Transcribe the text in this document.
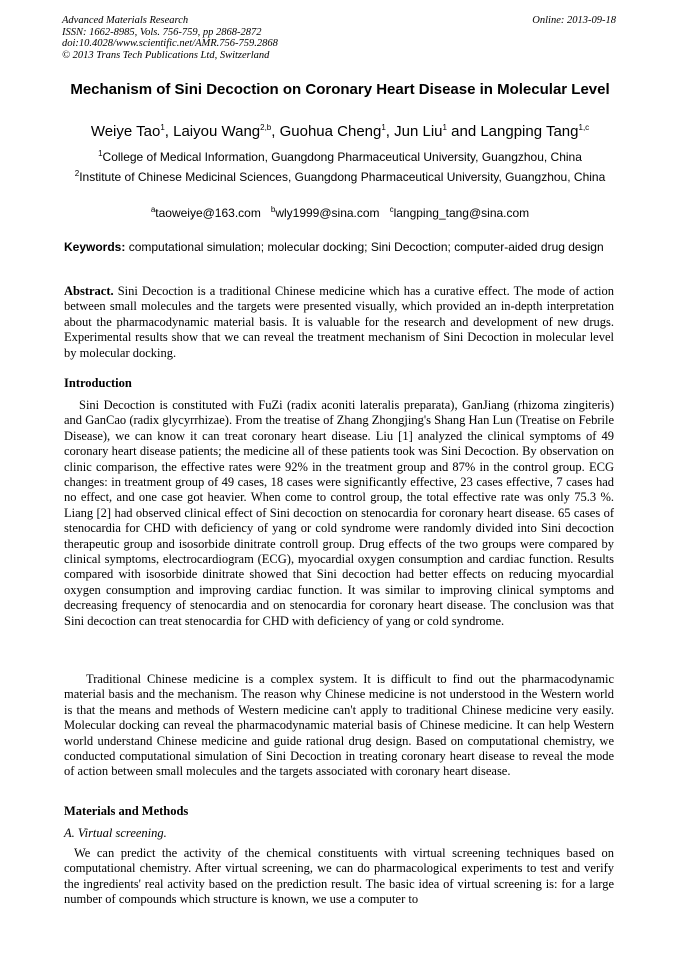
Advanced Materials Research
ISSN: 1662-8985, Vols. 756-759, pp 2868-2872
doi:10.4028/www.scientific.net/AMR.756-759.2868
© 2013 Trans Tech Publications Ltd, Switzerland
Online: 2013-09-18
Mechanism of Sini Decoction on Coronary Heart Disease in Molecular Level
Weiye Tao$^1$, Laiyou Wang$^{2,b}$, Guohua Cheng$^1$, Jun Liu$^1$ and Langping Tang$^{1,c}$
$^1$College of Medical Information, Guangdong Pharmaceutical University, Guangzhou, China
$^2$Institute of Chinese Medicinal Sciences, Guangdong Pharmaceutical University, Guangzhou, China
$^a$taoweiye@163.com $^b$wly1999@sina.com $^c$langping_tang@sina.com
Keywords: computational simulation; molecular docking; Sini Decoction; computer-aided drug design
Abstract. Sini Decoction is a traditional Chinese medicine which has a curative effect. The mode of action between small molecules and the targets were presented visually, which provided an in-depth interpretation about the pharmacodynamic material basis. It is valuable for the research and development of new drugs. Experimental results show that we can reveal the treatment mechanism of Sini Decoction in molecular level by molecular docking.
Introduction

Sini Decoction is constituted with FuZi (radix aconiti lateralis preparata), GanJiang (rhizoma zingiteris) and GanCao (radix glycyrrhizae). From the treatise of Zhang Zhongjing's Shang Han Lun (Treatise on Febrile Disease), we can know it can treat coronary heart disease. Liu [1] analyzed the clinical symptoms of 49 coronary heart disease patients; the medicine all of these patients took was Sini Decoction. By observation on clinic comparison, the effective rates were 92% in the treatment group and 87% in the control group. ECG changes: in treatment group of 49 cases, 18 cases were significantly effective, 23 cases effective, 7 cases had no effect, and one case got heavier. When come to control group, the total effective rate was only 75.3 %. Liang [2] had observed clinical effect of Sini decoction on stenocardia for coronary heart disease. 65 cases of stenocardia for CHD with deficiency of yang or cold syndrome were randomly divided into Sini decoction therapeutic group and isosorbide dinitrate controll group. Drug effects of the two groups were compared by clinical symptoms, electrocardiogram (ECG), myocardial oxygen consumption and cardiac function. Results compared with isosorbide dinitrate showed that Sini decoction had better effects on reducing myocardial oxygen consumption and improving cardiac function. It was similar to improving clinical symptoms and decreasing frequency of stenocardia and on stenocardia for coronary heart disease. The conclusion was that Sini decoction can treat stenocardia for CHD with deficiency of yang or cold syndrome.

Traditional Chinese medicine is a complex system. It is difficult to find out the pharmacodynamic material basis and the mechanism. The reason why Chinese medicine is not understood in the Western world is that the means and methods of Western medicine can't apply to traditional Chinese medicine very easily. Molecular docking can reveal the pharmacodynamic material basis of Chinese medicine. It can help Western world understand Chinese medicine and guide rational drug design. Based on computational chemistry, we conducted computational simulation of Sini Decoction in treating coronary heart disease to reveal the mode of action between small molecules and the targets associated with coronary heart disease.

Materials and Methods
A. Virtual screening.

We can predict the activity of the chemical constituents with virtual screening techniques based on computational chemistry. After virtual screening, we can do pharmacological experiments to test and verify the ingredients' real activity based on the prediction result. The basic idea of virtual screening is: for a large number of compounds which structure is known, we use a computer to
